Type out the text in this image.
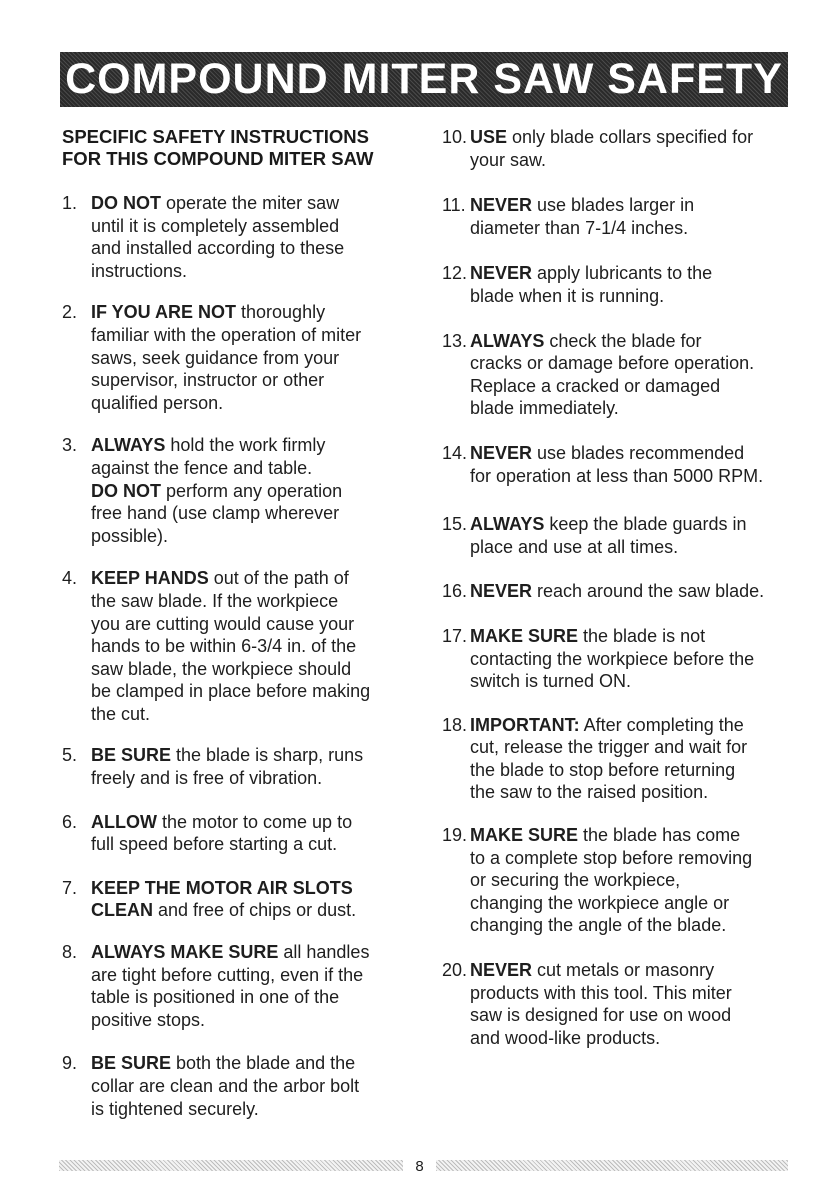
COMPOUND MITER SAW SAFETY
SPECIFIC SAFETY INSTRUCTIONS
FOR THIS COMPOUND MITER SAW
1. DO NOT operate the miter saw
until it is completely assembled
and installed according to these
instructions.
2. IF YOU ARE NOT thoroughly
familiar with the operation of miter
saws, seek guidance from your
supervisor, instructor or other
qualified person.
3. ALWAYS hold the work firmly
against the fence and table.
DO NOT perform any operation
free hand (use clamp wherever
possible).
4. KEEP HANDS out of the path of
the saw blade. If the workpiece
you are cutting would cause your
hands to be within 6-3/4 in. of the
saw blade, the workpiece should
be clamped in place before making
the cut.
5. BE SURE the blade is sharp, runs
freely and is free of vibration.
6. ALLOW the motor to come up to
full speed before starting a cut.
7. KEEP THE MOTOR AIR SLOTS
CLEAN and free of chips or dust.
8. ALWAYS MAKE SURE all handles
are tight before cutting, even if the
table is positioned in one of the
positive stops.
9. BE SURE both the blade and the
collar are clean and the arbor bolt
is tightened securely.
10. USE only blade collars specified for
your saw.
11. NEVER use blades larger in
diameter than 7-1/4 inches.
12. NEVER apply lubricants to the
blade when it is running.
13. ALWAYS check the blade for
cracks or damage before operation.
Replace a cracked or damaged
blade immediately.
14. NEVER use blades recommended
for operation at less than 5000 RPM.
15. ALWAYS keep the blade guards in
place and use at all times.
16. NEVER reach around the saw blade.
17. MAKE SURE the blade is not
contacting the workpiece before the
switch is turned ON.
18. IMPORTANT: After completing the
cut, release the trigger and wait for
the blade to stop before returning
the saw to the raised position.
19. MAKE SURE the blade has come
to a complete stop before removing
or securing the workpiece,
changing the workpiece angle or
changing the angle of the blade.
20. NEVER cut metals or masonry
products with this tool. This miter
saw is designed for use on wood
and wood-like products.
8
